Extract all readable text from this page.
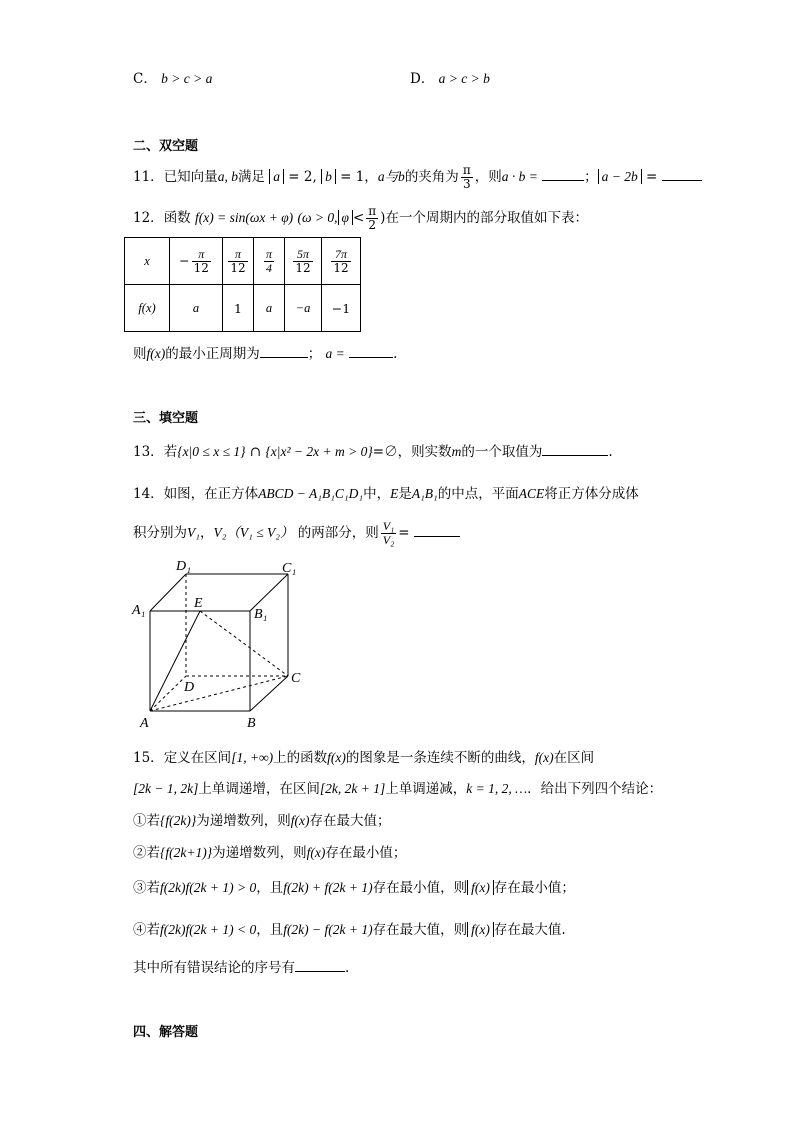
C． b > c > a	D． a > c > b
二、双空题
11．已知向量a, b满足 a = 2, b = 1，a与b的夹角为 $\frac{\pi}{3}$ ，则a · b =	； a − 2b =
12．函数 f(x) = sin(ωx + φ) (ω > 0, $\varphi < \frac{\pi}{2}$ )在一个周期内的部分取值如下表：
x	− $\frac{\pi}{12}$	$\frac{\pi}{12}$	$\frac{\pi}{4}$	$\frac{5\pi}{12}$	$\frac{7\pi}{12}$

f(x)	a	1	a	−a	−1
则f(x)的最小正周期为	； a =	.
三、填空题
13．若{x|0 ≤ x ≤ 1} ∩ {x|x² − 2x + m > 0}=∅，则实数m的一个取值为	.
14．如图，在正方体ABCD − A₁B₁C₁D₁中，E是A₁B₁的中点，平面ACE将正方体分成体
积分别为V₁，V₂（V₁ ≤ V₂） 的两部分，则 $\frac{\text{V₁}}{\text{V₂}}$ =
D₁	C₁
A₁	E
B₁
D
C
A	B
15．定义在区间[1, +∞)上的函数f(x)的图象是一条连续不断的曲线，f(x)在区间
[2k − 1, 2k]上单调递增，在区间[2k, 2k + 1]上单调递减，k = 1, 2, …．给出下列四个结论：
①若{f(2k)}为递增数列，则f(x)存在最大值；
②若{f(2k+1)}为递增数列，则f(x)存在最小值；
③若f(2k)f(2k + 1) > 0，且f(2k) + f(2k + 1)存在最小值，则 f(x) 存在最小值；
④若f(2k)f(2k + 1) < 0，且f(2k) − f(2k + 1)存在最大值，则 f(x) 存在最大值.
其中所有错误结论的序号有	.
四、解答题
